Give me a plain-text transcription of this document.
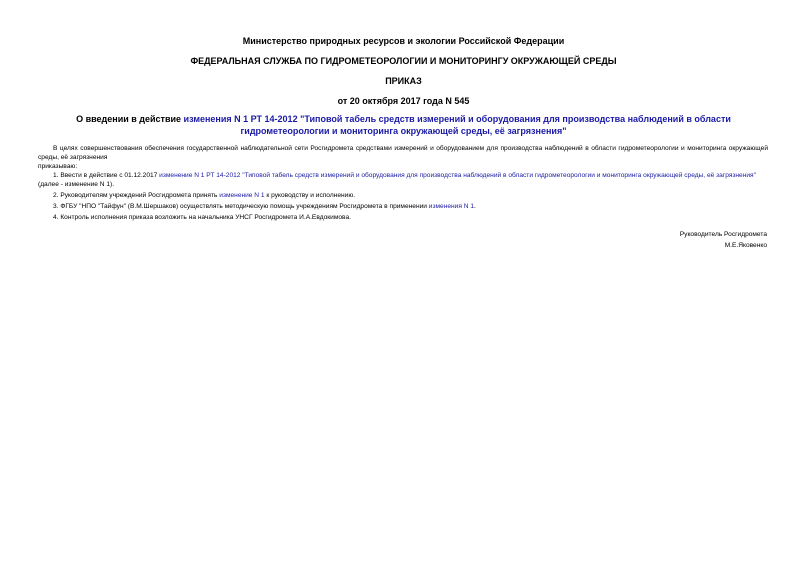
Министерство природных ресурсов и экологии Российской Федерации
ФЕДЕРАЛЬНАЯ СЛУЖБА ПО ГИДРОМЕТЕОРОЛОГИИ И МОНИТОРИНГУ ОКРУЖАЮЩЕЙ СРЕДЫ
ПРИКАЗ
от 20 октября 2017 года N 545
О введении в действие изменения N 1 РТ 14-2012 "Типовой табель средств измерений и оборудования для производства наблюдений в области гидрометеорологии и мониторинга окружающей среды, её загрязнения"

В целях совершенствования обеспечения государственной наблюдательной сети Росгидромета средствами измерений и оборудованием для производства наблюдений в области гидрометеорологии и мониторинга окружающей среды, её загрязнения

приказываю:

1. Ввести в действие с 01.12.2017 изменение N 1 РТ 14-2012 "Типовой табель средств измерений и оборудования для производства наблюдений в области гидрометеорологии и мониторинга окружающей среды, её загрязнения" (далее - изменение N 1).

2. Руководителям учреждений Росгидромета принять изменение N 1 к руководству и исполнению.

3. ФГБУ "НПО "Тайфун" (В.М.Шершаков) осуществлять методическую помощь учреждениям Росгидромета в применении изменения N 1.

4. Контроль исполнения приказа возложить на начальника УНСГ Росгидромета И.А.Евдокимова.

Руководитель Росгидромета
М.Е.Яковенко
